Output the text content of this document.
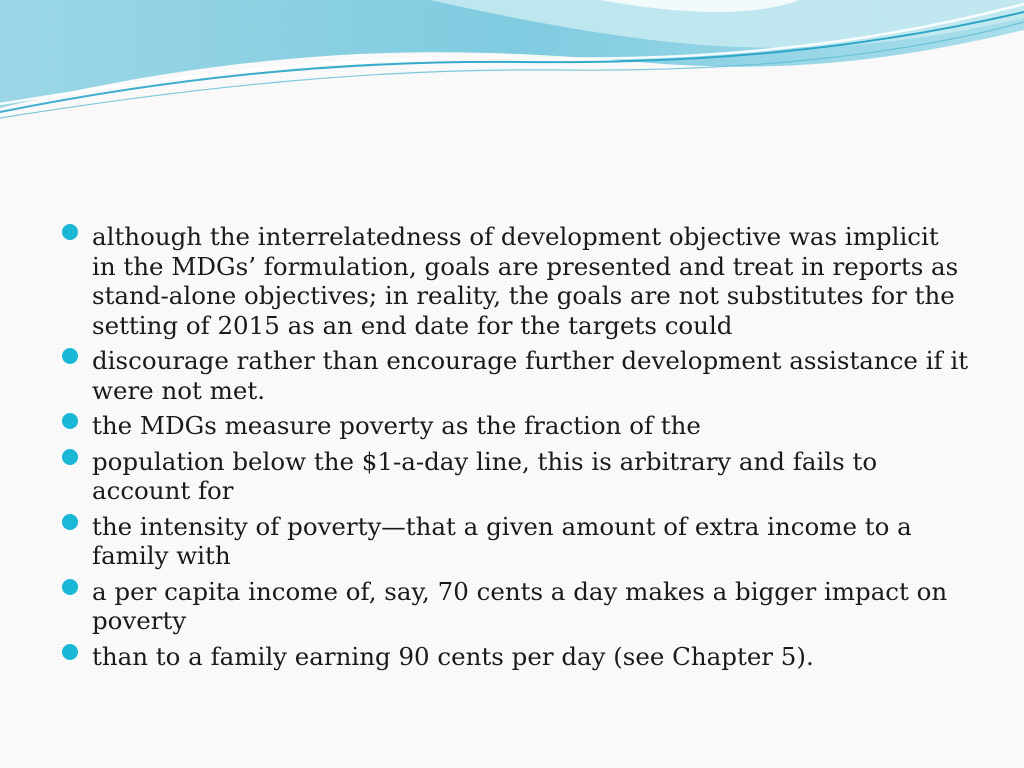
although the interrelatedness of development objective was implicit in the MDGs’ formulation, goals are presented and treat in reports as stand-alone objectives; in reality, the goals are not substitutes for the setting of 2015 as an end date for the targets could
discourage rather than encourage further development assistance if it were not met.
the MDGs measure poverty as the fraction of the
population below the $1-a-day line, this is arbitrary and fails to account for
the intensity of poverty—that a given amount of extra income to a family with
a per capita income of, say, 70 cents a day makes a bigger impact on poverty
than to a family earning 90 cents per day (see Chapter 5).
